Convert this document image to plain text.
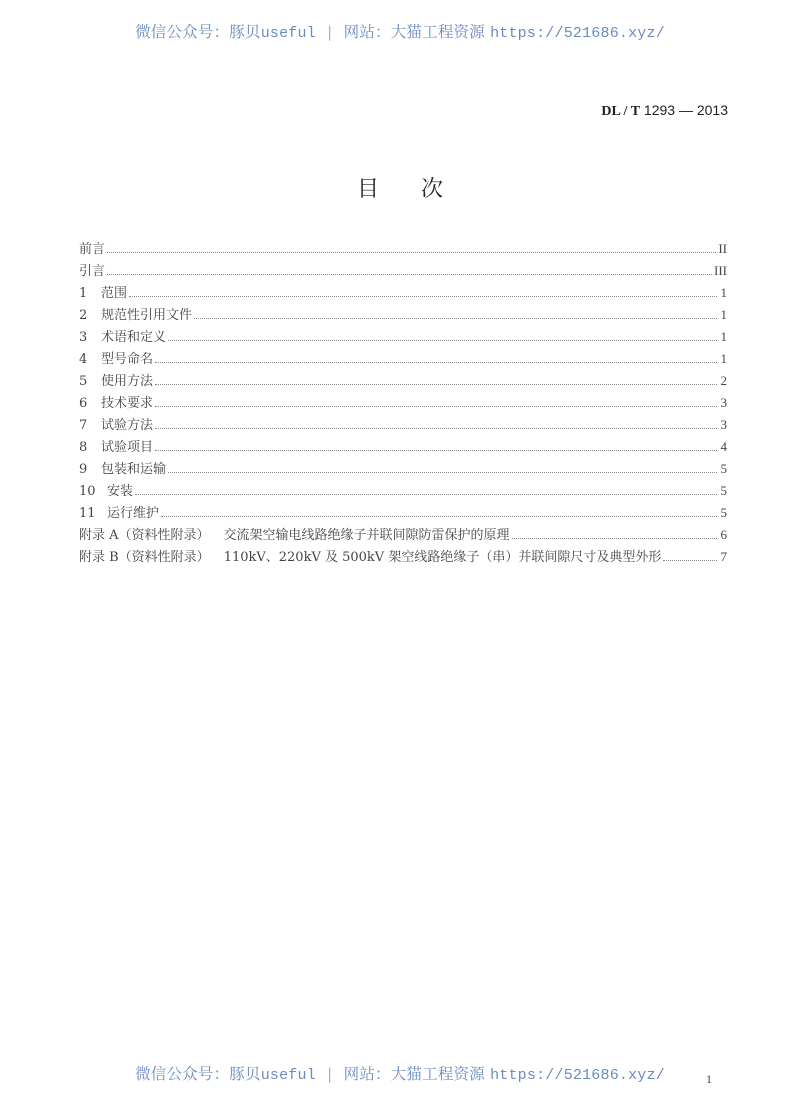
微信公众号：豚贝useful | 网站：大猫工程资源 https://521686.xyz/
DL / T 1293 — 2013
目次
前言	II
引言	III
1	范围	1
2	规范性引用文件	1
3	术语和定义	1
4	型号命名	1
5	使用方法	2
6	技术要求	3
7	试验方法	3
8	试验项目	4
9	包装和运输	5
10 安装	5
11 运行维护	5
附录 A（资料性附录） 交流架空输电线路绝缘子并联间隙防雷保护的原理	6
附录 B（资料性附录） 110kV、220kV 及 500kV 架空线路绝缘子（串）并联间隙尺寸及典型外形	7
微信公众号：豚贝useful | 网站：大猫工程资源 https://521686.xyz/	1
